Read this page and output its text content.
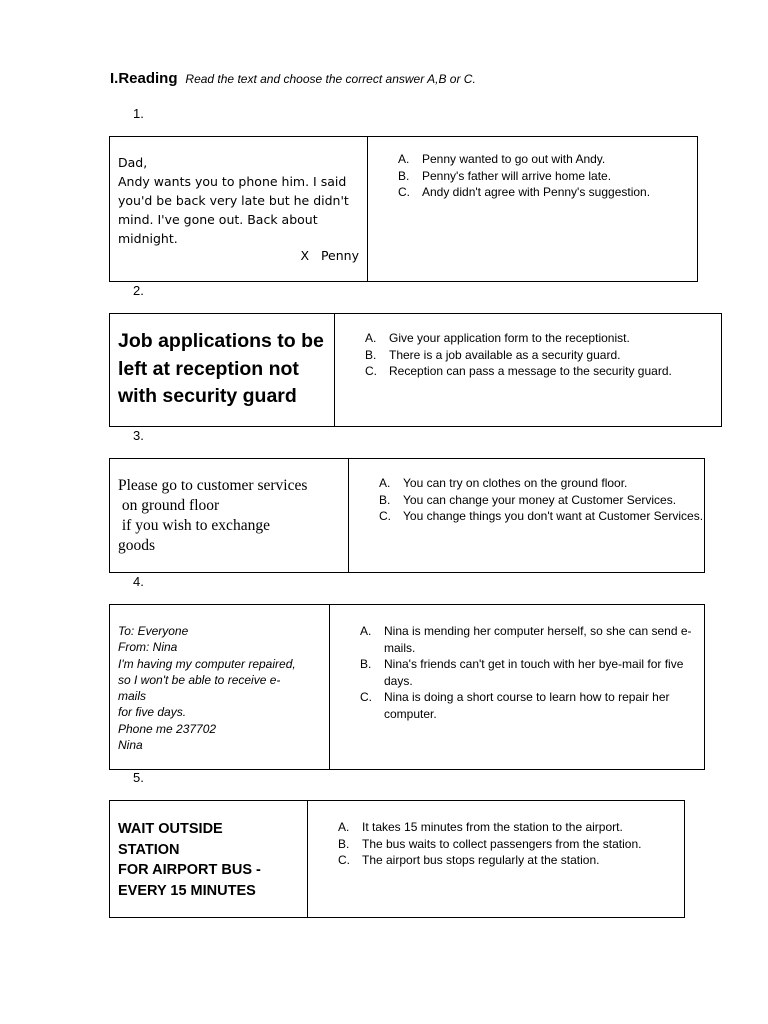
I.Reading Read the text and choose the correct answer A,B or C.
1.
Dad,
Andy wants you to phone him. I said
you'd be back very late but he didn't
mind. I've gone out. Back about
midnight.
X Penny
A.	Penny wanted to go out with Andy.
B.	Penny's father will arrive home late.
C.	Andy didn't agree with Penny's suggestion.
2.
Job applications to be
left at reception not
with security guard
A.	Give your application form to the receptionist.
B.	There is a job available as a security guard.
C.	Reception can pass a message to the security guard.
3.
Please go to customer services
on ground floor
if you wish to exchange
goods
A.	You can try on clothes on the ground floor.
B.	You can change your money at Customer Services.
C.	You change things you don't want at Customer Services.
4.
To: Everyone
From: Nina
I'm having my computer repaired,
so I won't be able to receive e-
mails
for five days.
Phone me 237702
Nina
A.	Nina is mending her computer herself, so she can send e-mails.
B.	Nina's friends can't get in touch with her bye-mail for five days.
C.	Nina is doing a short course to learn how to repair her computer.
5.
WAIT OUTSIDE
STATION
FOR AIRPORT BUS -
EVERY 15 MINUTES
A.	It takes 15 minutes from the station to the airport.
B.	The bus waits to collect passengers from the station.
C.	The airport bus stops regularly at the station.
